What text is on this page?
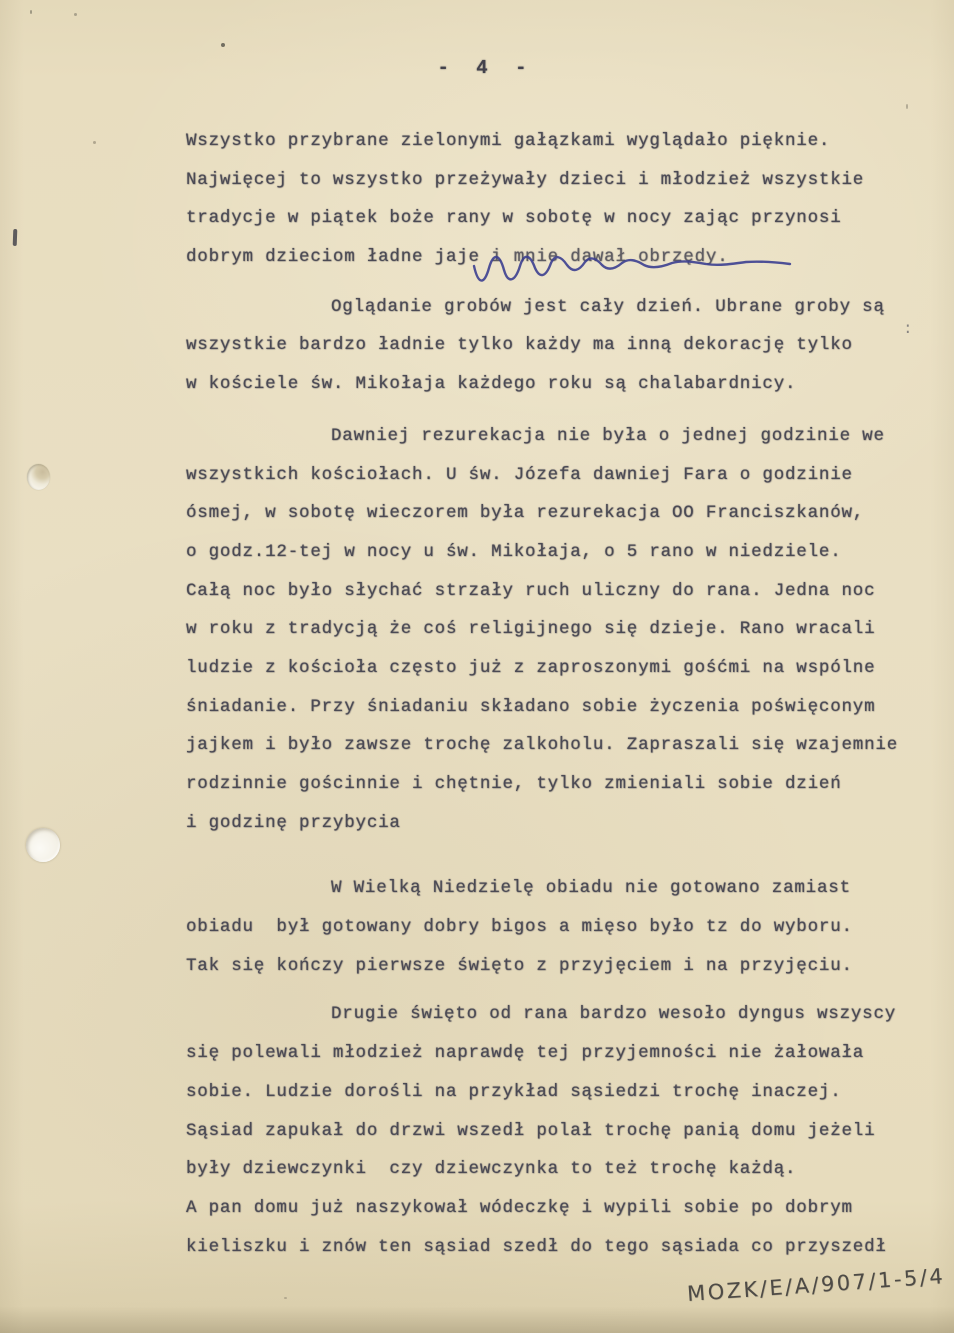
- 4 -
Wszystko przybrane zielonymi gałązkami wyglądało pięknie.
Najwięcej to wszystko przeżywały dzieci i młodzież wszystkie
tradycje w piątek boże rany w sobotę w nocy zając przynosi
dobrym dzieciom ładne jaje i mnie dawał obrzędy.
Oglądanie grobów jest cały dzień. Ubrane groby są
wszystkie bardzo ładnie tylko każdy ma inną dekorację tylko
w kościele św. Mikołaja każdego roku są chalabardnicy.
Dawniej rezurekacja nie była o jednej godzinie we
wszystkich kościołach. U św. Józefa dawniej Fara o godzinie
ósmej, w sobotę wieczorem była rezurekacja OO Franciszkanów,
o godz.12-tej w nocy u św. Mikołaja, o 5 rano w niedziele.
Całą noc było słychać strzały ruch uliczny do rana. Jedna noc
w roku z tradycją że coś religijnego się dzieje. Rano wracali
ludzie z kościoła często już z zaproszonymi gośćmi na wspólne
śniadanie. Przy śniadaniu składano sobie życzenia poświęconym
jajkem i było zawsze trochę zalkoholu. Zapraszali się wzajemnie
rodzinnie gościnnie i chętnie, tylko zmieniali sobie dzień
i godzinę przybycia
W Wielką Niedzielę obiadu nie gotowano zamiast
obiadu  był gotowany dobry bigos a mięso było tz do wyboru.
Tak się kończy pierwsze święto z przyjęciem i na przyjęciu.
Drugie święto od rana bardzo wesoło dyngus wszyscy
się polewali młodzież naprawdę tej przyjemności nie żałowała
sobie. Ludzie dorośli na przykład sąsiedzi trochę inaczej.
Sąsiad zapukał do drzwi wszedł polał trochę panią domu jeżeli
były dziewczynki  czy dziewczynka to też trochę każdą.
A pan domu już naszykował wódeczkę i wypili sobie po dobrym
kieliszku i znów ten sąsiad szedł do tego sąsiada co przyszedł
:
MOZK/E/A/907/1-5/4
